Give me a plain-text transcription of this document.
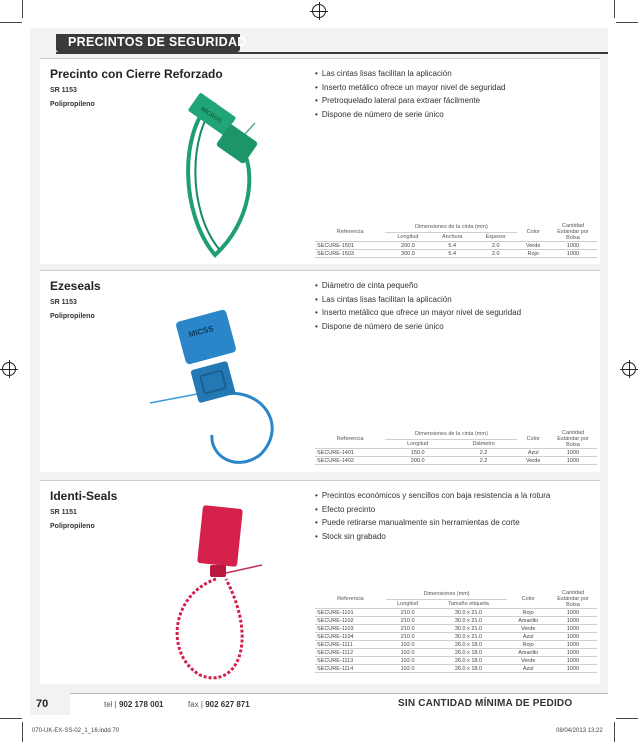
PRECINTOS DE SEGURIDAD
Precinto con Cierre Reforzado
SR 1153
Polipropileno
MICROS
• Las cintas lisas facilitan la aplicación
• Inserto metálico ofrece un mayor nivel de seguridad
• Pretroquelado lateral para extraer fácilmente
• Dispone de número de serie único
Referencia	Dimensiones de la cinta (mm)			Color	Cantidad Estándar por Bolsa
	Longitud	Anchura	Espesor		
SECURE-1501	200.0	5.4	2.0	Verde	1000
SECURE-1503	300.0	5.4	2.0	Rojo	1000
Ezeseals
SR 1153
Polipropileno
MICSS
• Diámetro de cinta pequeño
• Las cintas lisas facilitan la aplicación
• Inserto metálico que ofrece un mayor nivel de seguridad
• Dispone de número de serie único
Referencia	Dimensiones de la cinta (mm)		Color	Cantidad Estándar por Bolsa
	Longitud	Diámetro		
SECURE-1401	150.0	2.2	Azul	1000
SECURE-1402	200.0	2.2	Verde	1000
Identi-Seals
SR 1151
Polipropileno
• Precintos económicos y sencillos con baja resistencia a la rotura
• Efecto precinto
• Puede retirarse manualmente sin herramientas de corte
• Stock sin grabado
Referencia	Dimensiones (mm)		Color	Cantidad Estándar por Bolsa
	Longitud	Tamaño etiqueta		
SECURE-1101	210.0	30.0 x 21.0	Rojo	1000
SECURE-1102	210.0	30.0 x 21.0	Amarillo	1000
SECURE-1103	210.0	30.0 x 21.0	Verde	1000
SECURE-1104	210.0	30.0 x 21.0	Azul	1000
SECURE-1111	192.0	26.0 x 18.0	Rojo	1000
SECURE-1112	192.0	26.0 x 18.0	Amarillo	1000
SECURE-1113	192.0	26.0 x 18.0	Verde	1000
SECURE-1114	192.0	26.0 x 18.0	Azul	1000
70	tel | 902 178 001	fax | 902 627 871	SIN CANTIDAD MÍNIMA DE PEDIDO
070-UK-EX-SS-02_1_16.indd 70	08/04/2013 13:22
